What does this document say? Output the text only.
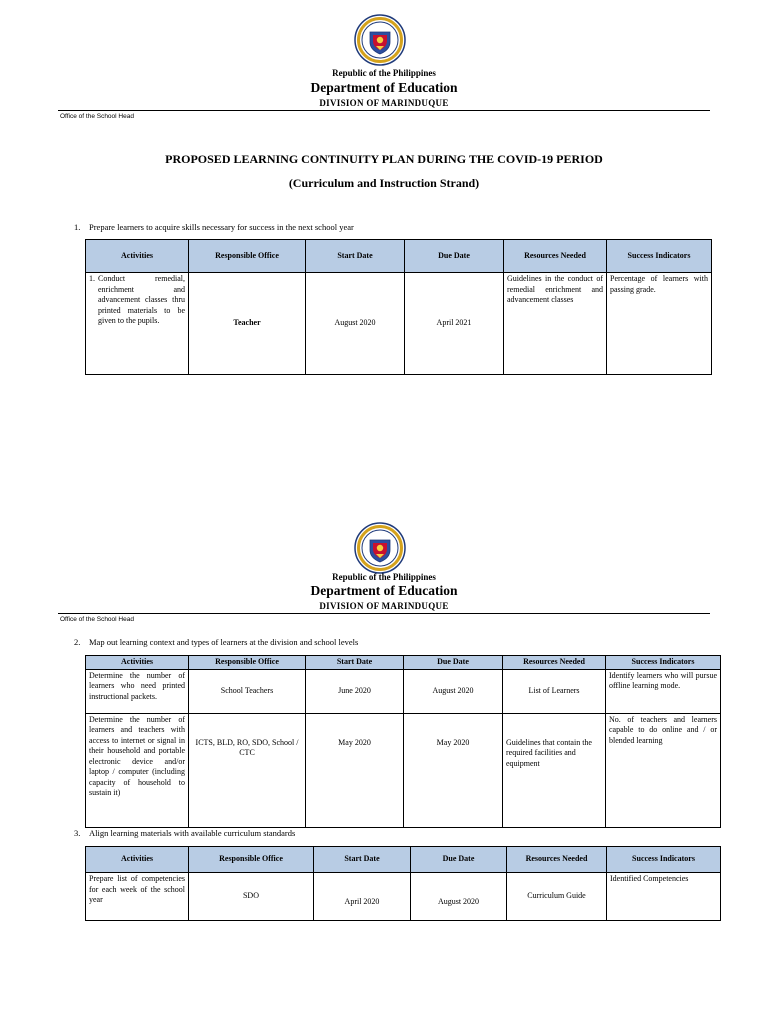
Republic of the Philippines
Department of Education
DIVISION OF MARINDUQUE
Office of the School Head
PROPOSED LEARNING CONTINUITY PLAN DURING THE COVID-19 PERIOD
(Curriculum and Instruction Strand)
1. Prepare learners to acquire skills necessary for success in the next school year
Activities	Responsible Office	Start Date	Due Date	Resources Needed	Success Indicators

1. Conduct remedial, enrichment and advancement classes thru printed materials to be given to the pupils.	Teacher	August 2020	April 2021	Guidelines in the conduct of remedial enrichment and advancement classes	Percentage of learners with passing grade.
Republic of the Philippines
Department of Education
DIVISION OF MARINDUQUE
Office of the School Head
2. Map out learning context and types of learners at the division and school levels
Activities	Responsible Office	Start Date	Due Date	Resources Needed	Success Indicators
Determine the number of learners who need printed instructional packets.	School Teachers	June 2020	August 2020	List of Learners	Identify learners who will pursue offline learning mode.
Determine the number of learners and teachers with access to internet or signal in their household and portable electronic device and/or laptop / computer (including capacity of household to sustain it)	ICTS, BLD, RO, SDO, School / CTC	May 2020	May 2020	Guidelines that contain the required facilities and equipment	No. of teachers and learners capable to do online and / or blended learning
3. Align learning materials with available curriculum standards
Activities	Responsible Office	Start Date	Due Date	Resources Needed	Success Indicators
Prepare list of competencies for each week of the school year	SDO	April 2020	August 2020	Curriculum Guide	Identified Competencies
